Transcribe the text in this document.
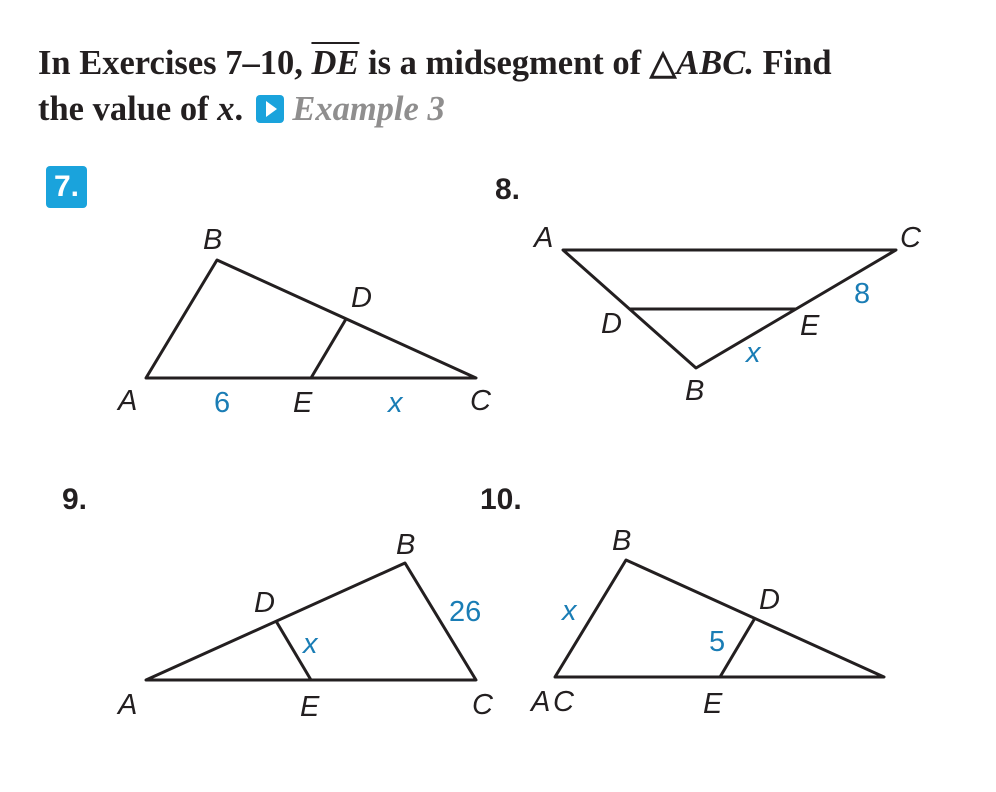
In Exercises 7–10, $\overline{DE}$ is a midsegment of △ABC. Find
the value of x. Example 3
7.	8.
9.	10.
B
D
A	E	C
6	x
A	C
D	E
B
8
x
B
D
A	E	C
26
x
B
D
A C	E
x
5
